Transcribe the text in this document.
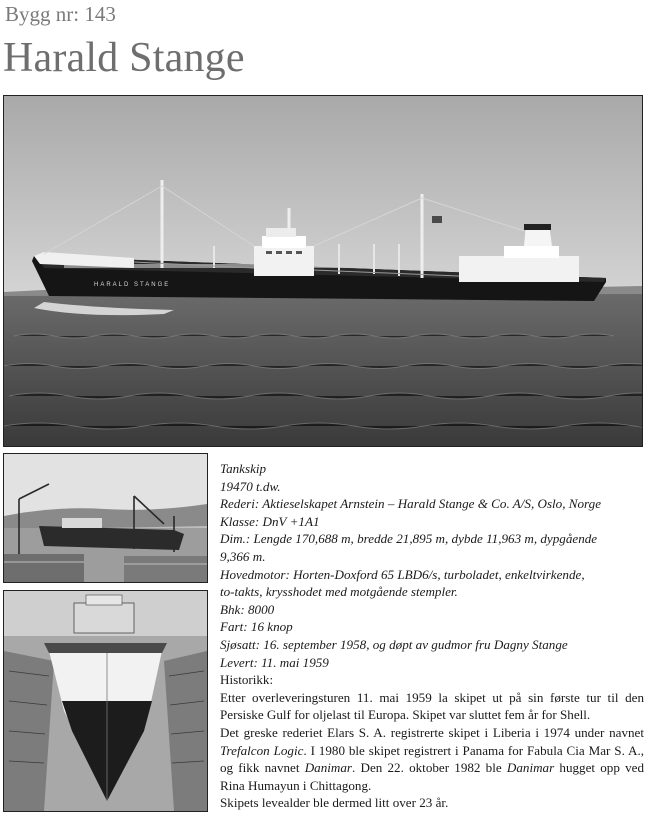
Bygg nr: 143
Harald Stange
HARALD STANGE
Tankskip
19470 t.dw.
Rederi: Aktieselskapet Arnstein – Harald Stange & Co. A/S, Oslo, Norge
Klasse: DnV +1A1
Dim.: Lengde 170,688 m, bredde 21,895 m, dybde 11,963 m, dypgående
9,366 m.
Hovedmotor: Horten-Doxford 65 LBD6/s, turboladet, enkeltvirkende,
to-takts, krysshodet med motgående stempler.
Bhk: 8000
Fart: 16 knop
Sjøsatt: 16. september 1958, og døpt av gudmor fru Dagny Stange
Levert: 11. mai 1959
Historikk:
Etter overleveringsturen 11. mai 1959 la skipet ut på sin første tur til den Persiske Gulf for oljelast til Europa. Skipet var sluttet fem år for Shell.
Det greske rederiet Elars S. A. registrerte skipet i Liberia i 1974 under navnet Trefalcon Logic. I 1980 ble skipet registrert i Panama for Fabula Cia Mar S. A., og fikk navnet Danimar. Den 22. oktober 1982 ble Danimar hugget opp ved Rina Humayun i Chittagong.
Skipets levealder ble dermed litt over 23 år.
